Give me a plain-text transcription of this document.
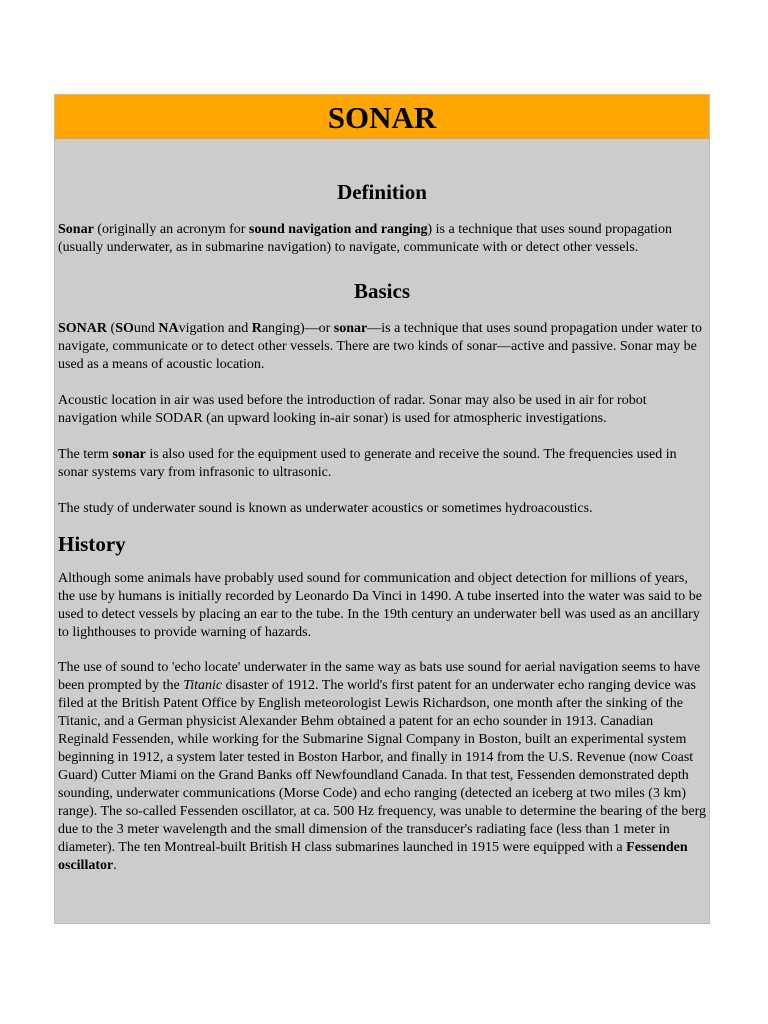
SONAR
Definition

Sonar (originally an acronym for sound navigation and ranging) is a technique that uses sound propagation (usually underwater, as in submarine navigation) to navigate, communicate with or detect other vessels.

Basics

SONAR (SOund NAvigation and Ranging)—or sonar—is a technique that uses sound propagation under water to navigate, communicate or to detect other vessels. There are two kinds of sonar—active and passive. Sonar may be used as a means of acoustic location.

Acoustic location in air was used before the introduction of radar. Sonar may also be used in air for robot navigation while SODAR (an upward looking in-air sonar) is used for atmospheric investigations.

The term sonar is also used for the equipment used to generate and receive the sound. The frequencies used in sonar systems vary from infrasonic to ultrasonic.

The study of underwater sound is known as underwater acoustics or sometimes hydroacoustics.

History

Although some animals have probably used sound for communication and object detection for millions of years, the use by humans is initially recorded by Leonardo Da Vinci in 1490. A tube inserted into the water was said to be used to detect vessels by placing an ear to the tube. In the 19th century an underwater bell was used as an ancillary to lighthouses to provide warning of hazards.

The use of sound to 'echo locate' underwater in the same way as bats use sound for aerial navigation seems to have been prompted by the Titanic disaster of 1912. The world's first patent for an underwater echo ranging device was filed at the British Patent Office by English meteorologist Lewis Richardson, one month after the sinking of the Titanic, and a German physicist Alexander Behm obtained a patent for an echo sounder in 1913. Canadian Reginald Fessenden, while working for the Submarine Signal Company in Boston, built an experimental system beginning in 1912, a system later tested in Boston Harbor, and finally in 1914 from the U.S. Revenue (now Coast Guard) Cutter Miami on the Grand Banks off Newfoundland Canada. In that test, Fessenden demonstrated depth sounding, underwater communications (Morse Code) and echo ranging (detected an iceberg at two miles (3 km) range). The so-called Fessenden oscillator, at ca. 500 Hz frequency, was unable to determine the bearing of the berg due to the 3 meter wavelength and the small dimension of the transducer's radiating face (less than 1 meter in diameter). The ten Montreal-built British H class submarines launched in 1915 were equipped with a Fessenden oscillator.
